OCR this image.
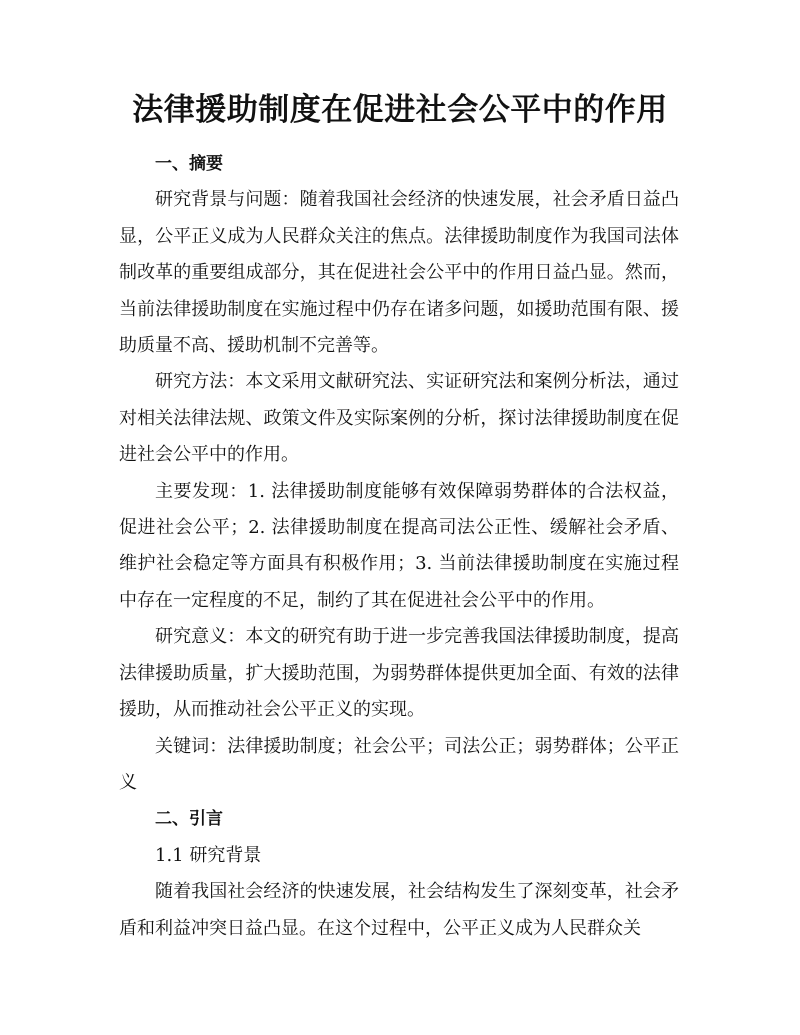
法律援助制度在促进社会公平中的作用

一、摘要

研究背景与问题：随着我国社会经济的快速发展，社会矛盾日益凸显，公平正义成为人民群众关注的焦点。法律援助制度作为我国司法体制改革的重要组成部分，其在促进社会公平中的作用日益凸显。然而，当前法律援助制度在实施过程中仍存在诸多问题，如援助范围有限、援助质量不高、援助机制不完善等。

研究方法：本文采用文献研究法、实证研究法和案例分析法，通过对相关法律法规、政策文件及实际案例的分析，探讨法律援助制度在促进社会公平中的作用。

主要发现：1. 法律援助制度能够有效保障弱势群体的合法权益，促进社会公平；2. 法律援助制度在提高司法公正性、缓解社会矛盾、维护社会稳定等方面具有积极作用；3. 当前法律援助制度在实施过程中存在一定程度的不足，制约了其在促进社会公平中的作用。

研究意义：本文的研究有助于进一步完善我国法律援助制度，提高法律援助质量，扩大援助范围，为弱势群体提供更加全面、有效的法律援助，从而推动社会公平正义的实现。

关键词：法律援助制度；社会公平；司法公正；弱势群体；公平正义

二、引言

1.1 研究背景

随着我国社会经济的快速发展，社会结构发生了深刻变革，社会矛盾和利益冲突日益凸显。在这个过程中，公平正义成为人民群众关
